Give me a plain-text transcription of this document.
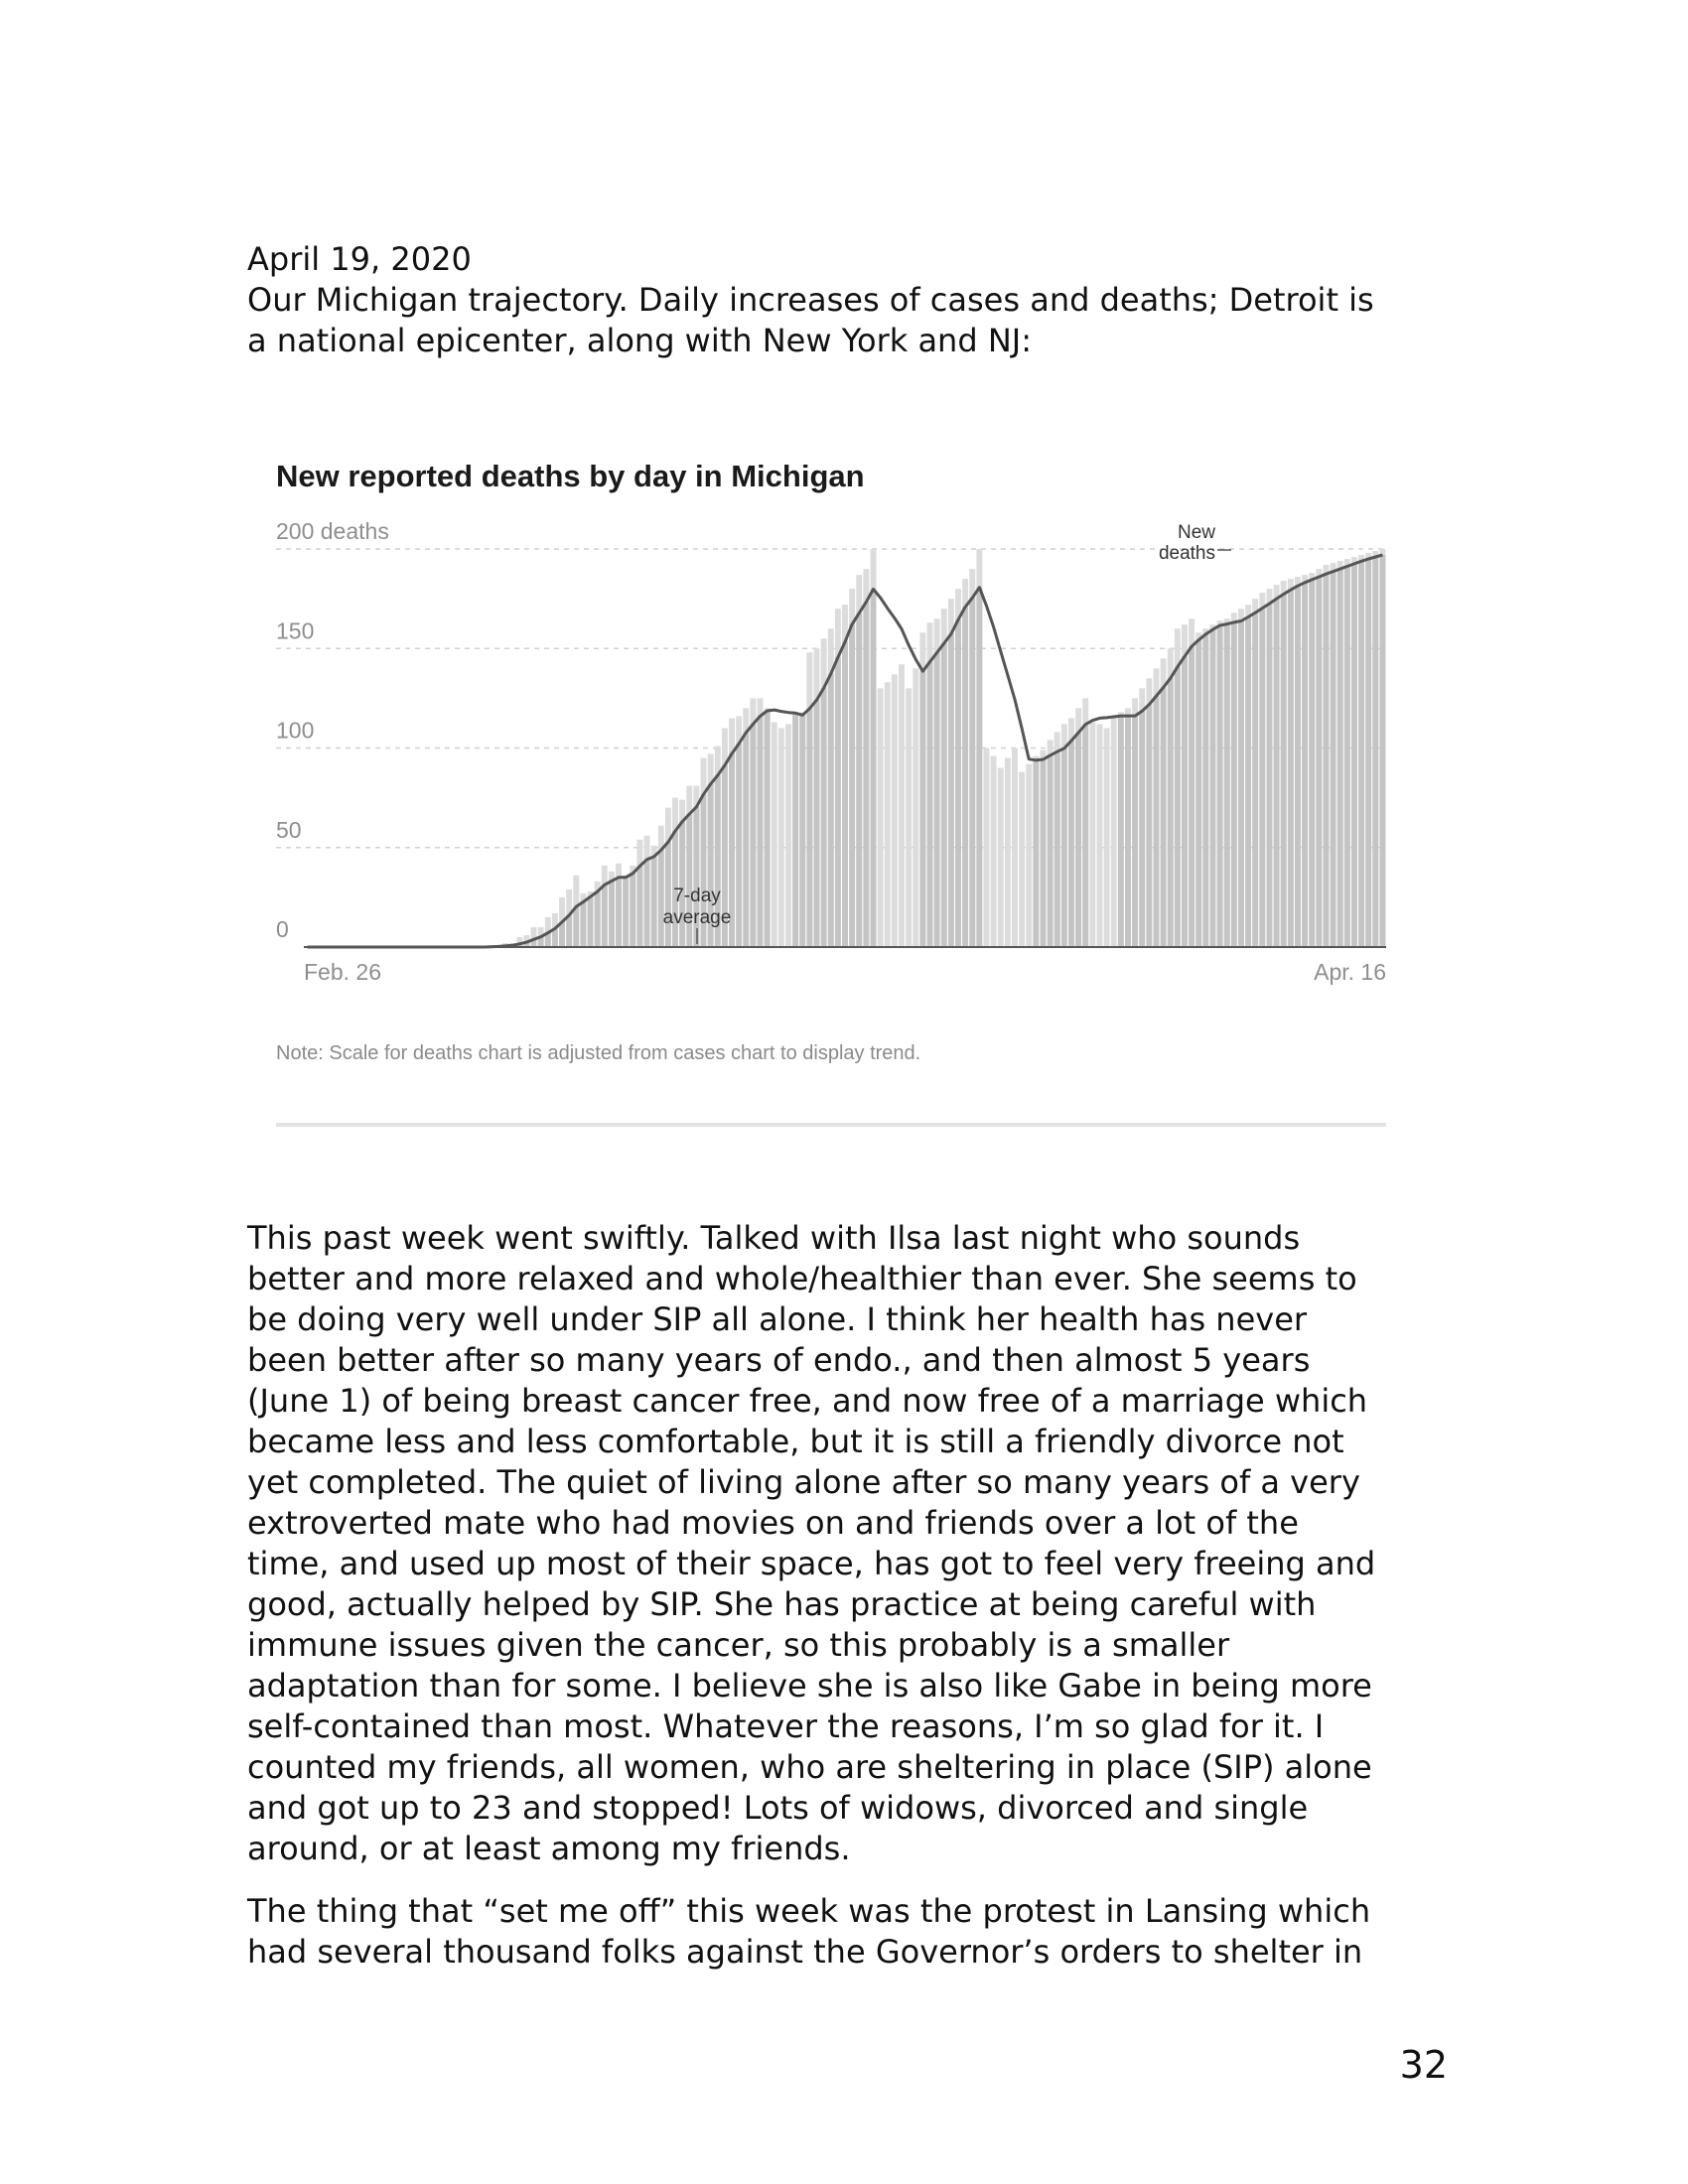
April 19, 2020
Our Michigan trajectory. Daily increases of cases and deaths; Detroit is
a national epicenter, along with New York and NJ:
New reported deaths by day in Michigan
200 deaths
150
100
50
0
New
deaths
7-day
average
Feb. 26	Apr. 16
Note: Scale for deaths chart is adjusted from cases chart to display trend.

This past week went swiftly. Talked with Ilsa last night who sounds
better and more relaxed and whole/healthier than ever. She seems to
be doing very well under SIP all alone. I think her health has never
been better after so many years of endo., and then almost 5 years
(June 1) of being breast cancer free, and now free of a marriage which
became less and less comfortable, but it is still a friendly divorce not
yet completed. The quiet of living alone after so many years of a very
extroverted mate who had movies on and friends over a lot of the
time, and used up most of their space, has got to feel very freeing and
good, actually helped by SIP. She has practice at being careful with
immune issues given the cancer, so this probably is a smaller
adaptation than for some. I believe she is also like Gabe in being more
self-contained than most. Whatever the reasons, I’m so glad for it. I
counted my friends, all women, who are sheltering in place (SIP) alone
and got up to 23 and stopped! Lots of widows, divorced and single
around, or at least among my friends.

The thing that “set me off” this week was the protest in Lansing which
had several thousand folks against the Governor’s orders to shelter in

32
